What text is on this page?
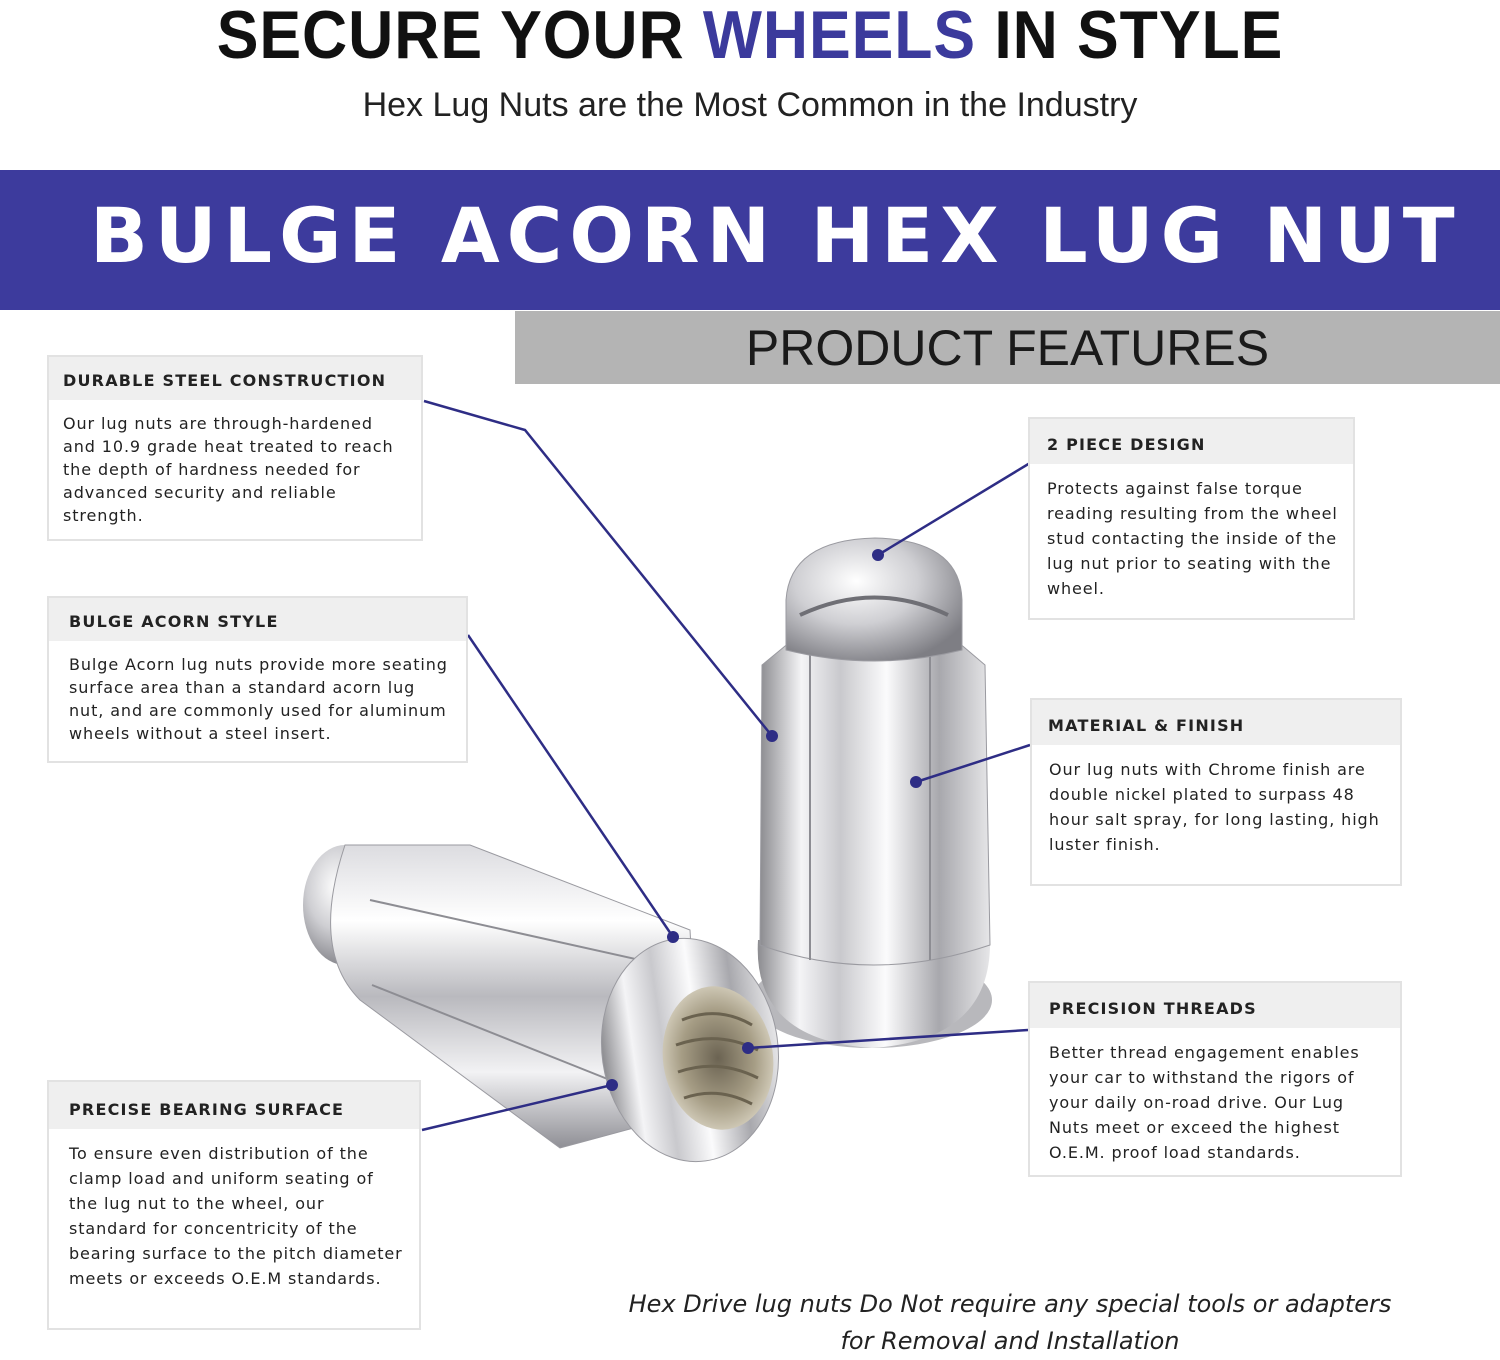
SECURE YOUR WHEELS IN STYLE
Hex Lug Nuts are the Most Common in the Industry
BULGE ACORN HEX LUG NUT
PRODUCT FEATURES
DURABLE STEEL CONSTRUCTION
Our lug nuts are through-hardened and 10.9 grade heat treated to reach the depth of hardness needed for advanced security and reliable strength.
BULGE ACORN STYLE
Bulge Acorn lug nuts provide more seating surface area than a standard acorn lug nut, and are commonly used for aluminum wheels without a steel insert.
PRECISE BEARING SURFACE
To ensure even distribution of the clamp load and uniform seating of the lug nut to the wheel, our standard for concentricity of the bearing surface to the pitch diameter meets or exceeds O.E.M standards.
2 PIECE DESIGN
Protects against false torque reading resulting from the wheel stud contacting the inside of the lug nut prior to seating with the wheel.
MATERIAL & FINISH
Our lug nuts with Chrome finish are double nickel plated to surpass 48 hour salt spray, for long lasting, high luster finish.
PRECISION THREADS
Better thread engagement enables your car to withstand the rigors of your daily on-road drive. Our Lug Nuts meet or exceed the highest O.E.M. proof load standards.
Hex Drive lug nuts Do Not require any special tools or adapters
for Removal and Installation
